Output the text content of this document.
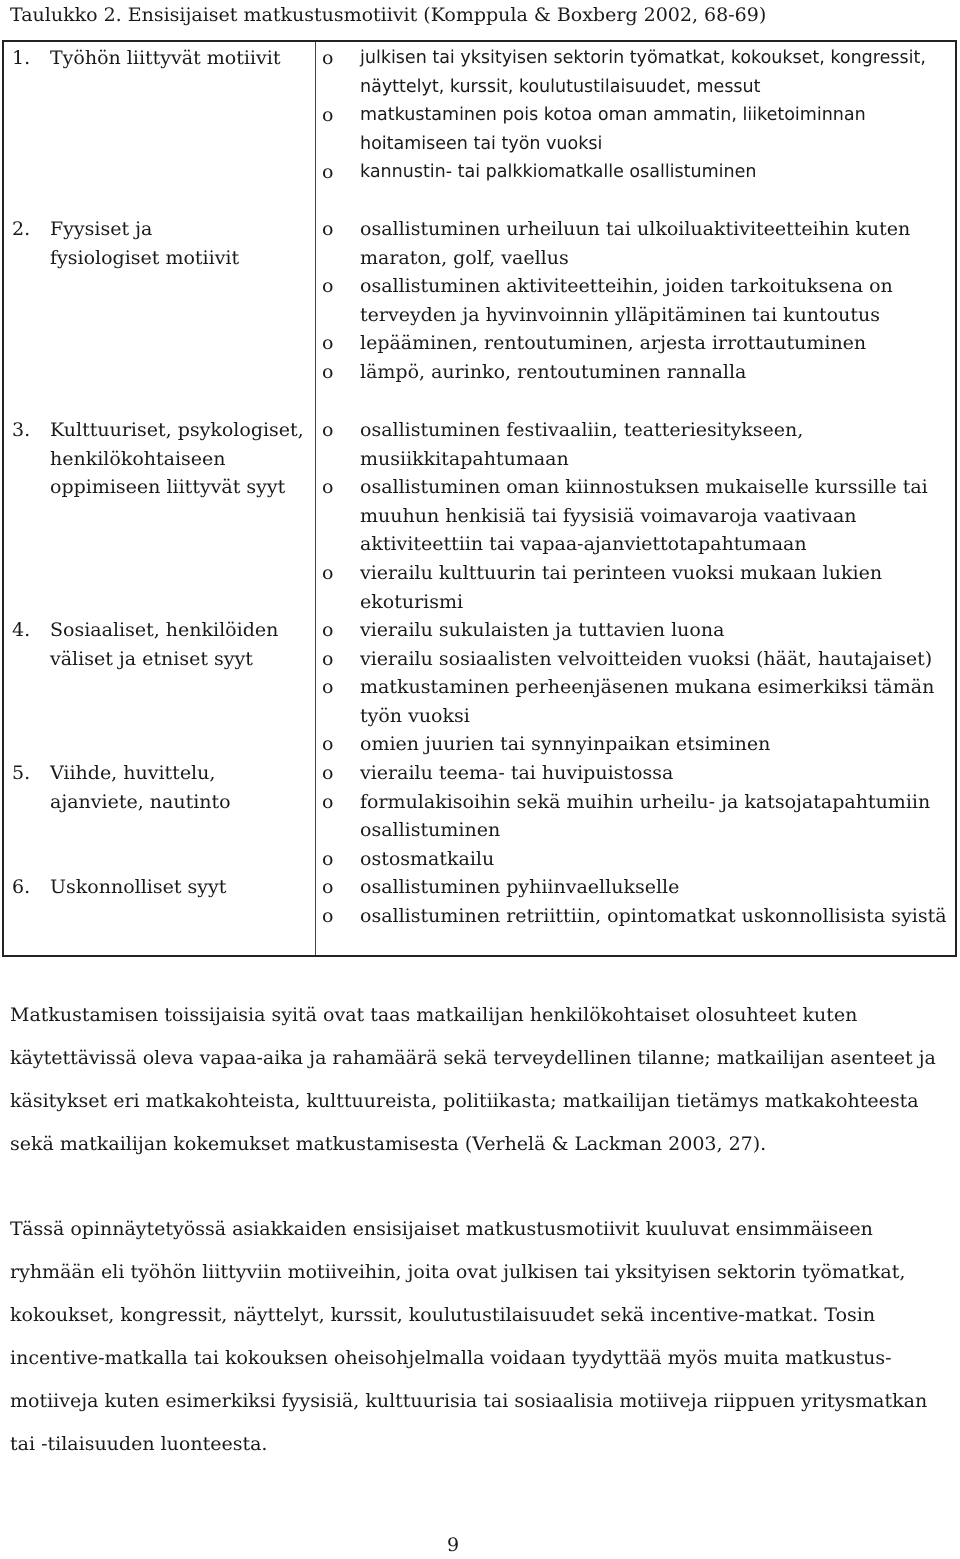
Taulukko 2. Ensisijaiset matkustusmotiivit (Komppula & Boxberg 2002, 68-69)
1.	Työhön liittyvät motiivit	o julkisen tai yksityisen sektorin työmatkat, kokoukset, kongressit, näyttelyt, kurssit, koulutustilaisuudet, messut
o matkustaminen pois kotoa oman ammatin, liiketoiminnan hoitamiseen tai työn vuoksi
o kannustin- tai palkkiomatkalle osallistuminen
2.	Fyysiset ja fysiologiset motiivit
o osallistuminen urheiluun tai ulkoiluaktiviteetteihin kuten maraton, golf, vaellus
o osallistuminen aktiviteetteihin, joiden tarkoituksena on terveyden ja hyvinvoinnin ylläpitäminen tai kuntoutus
o lepääminen, rentoutuminen, arjesta irrottautuminen
o lämpö, aurinko, rentoutuminen rannalla
3.	Kulttuuriset, psykologiset, henkilökohtaiseen oppimiseen liittyvät syyt
o osallistuminen festivaaliin, teatteriesitykseen, musiikkitapahtumaan
o osallistuminen oman kiinnostuksen mukaiselle kurssille tai muuhun henkisiä tai fyysisiä voimavaroja vaativaan aktiviteettiin tai vapaa-ajanviettotapahtumaan
o vierailu kulttuurin tai perinteen vuoksi mukaan lukien ekoturismi
4.	Sosiaaliset, henkilöiden väliset ja etniset syyt
o vierailu sukulaisten ja tuttavien luona
o vierailu sosiaalisten velvoitteiden vuoksi (häät, hautajaiset)
o matkustaminen perheenjäsenen mukana esimerkiksi tämän työn vuoksi
o omien juurien tai synnyinpaikan etsiminen
5.	Viihde, huvittelu, ajanviete, nautinto
o vierailu teema- tai huvipuistossa
o formulakisoihin sekä muihin urheilu- ja katsojatapahtumiin osallistuminen
o ostosmatkailu
6.	Uskonnolliset syyt	o osallistuminen pyhiinvaellukselle
o osallistuminen retriittiin, opintomatkat uskonnollisista syistä

Matkustamisen toissijaisia syitä ovat taas matkailijan henkilökohtaiset olosuhteet kuten käytettävissä oleva vapaa-aika ja rahamäärä sekä terveydellinen tilanne; matkailijan asenteet ja käsitykset eri matkakohteista, kulttuureista, politiikasta; matkailijan tietämys matkakohteesta sekä matkailijan kokemukset matkustamisesta (Verhelä & Lackman 2003, 27).

Tässä opinnäytetyössä asiakkaiden ensisijaiset matkustusmotiivit kuuluvat ensimmäiseen ryhmään eli työhön liittyviin motiiveihin, joita ovat julkisen tai yksityisen sektorin työmatkat, kokoukset, kongressit, näyttelyt, kurssit, koulutustilaisuudet sekä incentive-matkat. Tosin incentive-matkalla tai kokouksen oheisohjelmalla voidaan tyydyttää myös muita matkustus-motiiveja kuten esimerkiksi fyysisiä, kulttuurisia tai sosiaalisia motiiveja riippuen yritysmatkan tai -tilaisuuden luonteesta.

9
